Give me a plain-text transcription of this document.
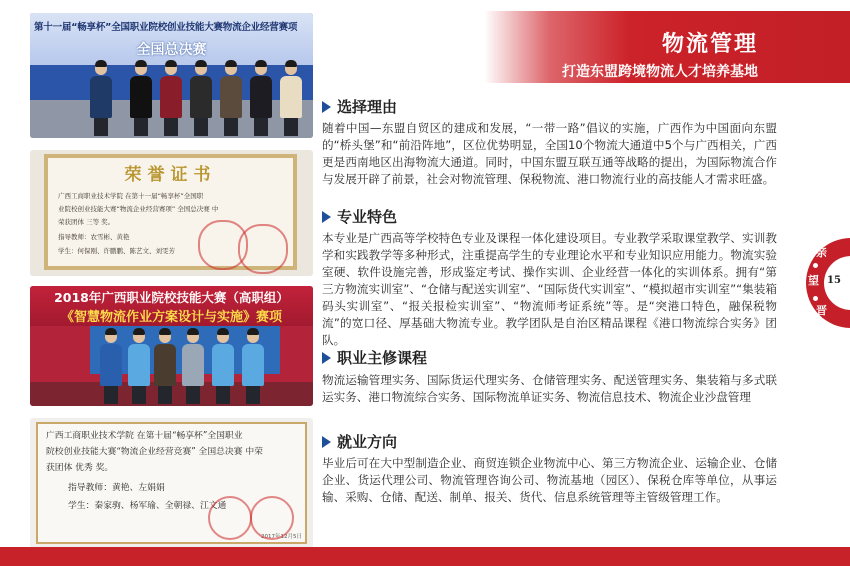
第十一届“畅享杯”全国职业院校创业技能大赛物流企业经营赛项
全国总决赛
荣誉证书
广西工商职业技术学院 在第十一届“畅享杯”全国职
业院校创业技能大赛“物流企业经营赛项” 全国总决赛 中
荣获团体 三等 奖。
指导教师：农雪彬、黄艳
学生：何保刚、许鹏鹏、陈艺文、刘雯芳
2018年广西职业院校技能大赛（高职组）
《智慧物流作业方案设计与实施》赛项
广西工商职业技术学院 在第十届“畅享杯”全国职业
院校创业技能大赛“物流企业经营竞赛” 全国总决赛 中荣
获团体 优秀 奖。
指导教师：黄艳、左娟娟
学生：秦家驹、杨军瑜、全朝禄、江文通
2017年12月5日
物流管理
打造东盟跨境物流人才培养基地
选择理由
随着中国—东盟自贸区的建成和发展，“一带一路”倡议的实施，广西作为中国面向东盟的“桥头堡”和“前沿阵地”，区位优势明显，全国10个物流大通道中5个与广西相关，广西更是西南地区出海物流大通道。同时，中国东盟互联互通等战略的提出，为国际物流合作与发展开辟了前景，社会对物流管理、保税物流、港口物流行业的高技能人才需求旺盛。
专业特色
本专业是广西高等学校特色专业及课程一体化建设项目。专业教学采取课堂教学、实训教学和实践教学等多种形式，注重提高学生的专业理论水平和专业知识应用能力。物流实验室硬、软件设施完善，形成鉴定考试、操作实训、企业经营一体化的实训体系。拥有“第三方物流实训室”、“仓储与配送实训室”、“国际货代实训室”、“模拟超市实训室”“集装箱码头实训室”、“报关报检实训室”、“物流师考证系统”等。是“突港口特色，融保税物流”的宽口径、厚基础大物流专业。教学团队是自治区精品课程《港口物流综合实务》团队。
职业主修课程
物流运输管理实务、国际货运代理实务、仓储管理实务、配送管理实务、集装箱与多式联运实务、港口物流综合实务、国际物流单证实务、物流信息技术、物流企业沙盘管理
就业方向
毕业后可在大中型制造企业、商贸连锁企业物流中心、第三方物流企业、运输企业、仓储企业、货运代理公司、物流管理咨询公司、物流基地（园区）、保税仓库等单位，从事运输、采购、仓储、配送、制单、报关、货代、信息系统管理等主管级管理工作。
15
亲
望
晋
